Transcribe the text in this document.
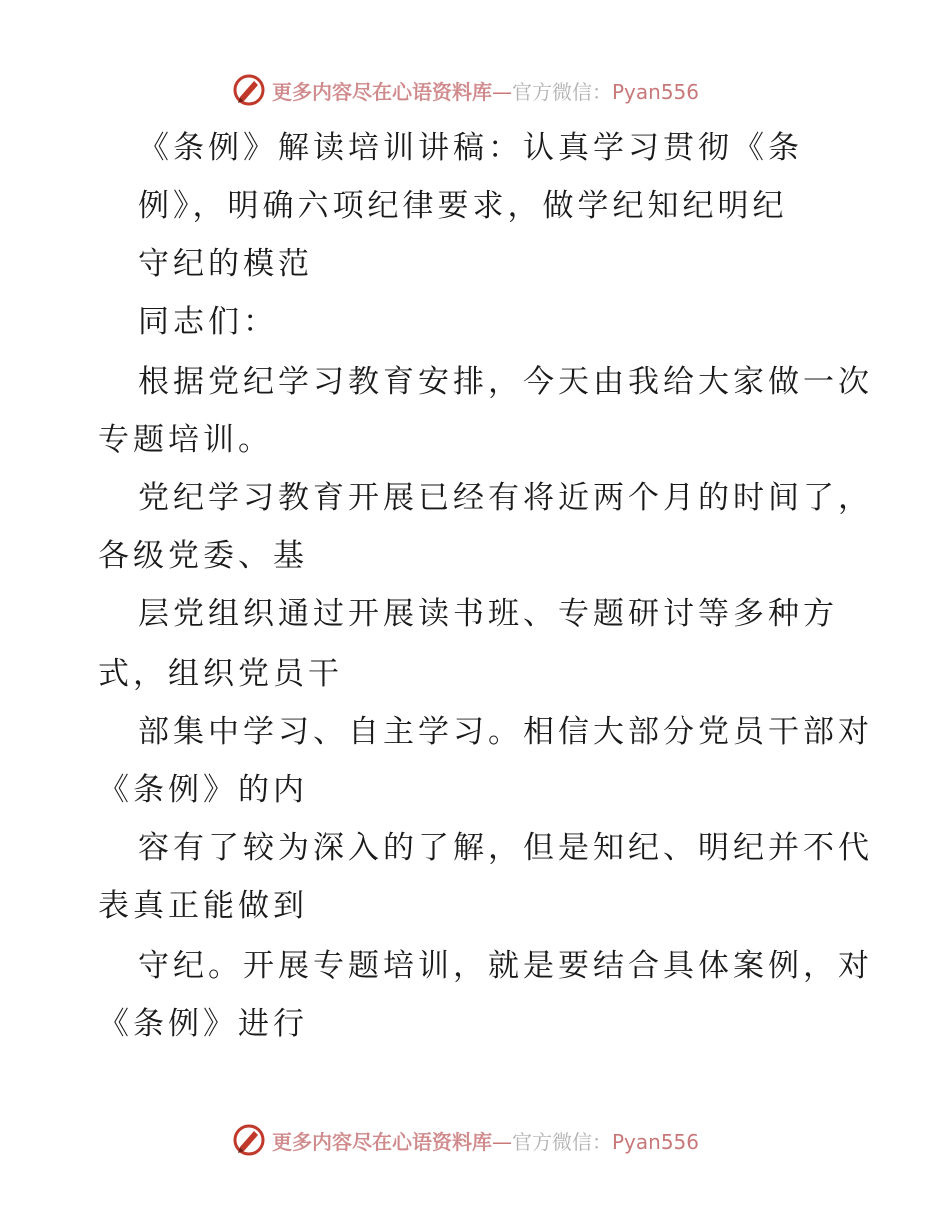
更多内容尽在心语资料库—官方微信：Pyan556
《条例》解读培训讲稿：认真学习贯彻《条
例》，明确六项纪律要求，做学纪知纪明纪
守纪的模范
同志们：
根据党纪学习教育安排，今天由我给大家做一次
专题培训。
党纪学习教育开展已经有将近两个月的时间了，
各级党委、基
层党组织通过开展读书班、专题研讨等多种方
式，组织党员干
部集中学习、自主学习。相信大部分党员干部对
《条例》的内
容有了较为深入的了解，但是知纪、明纪并不代
表真正能做到
守纪。开展专题培训，就是要结合具体案例，对
《条例》进行
更多内容尽在心语资料库—官方微信：Pyan556
